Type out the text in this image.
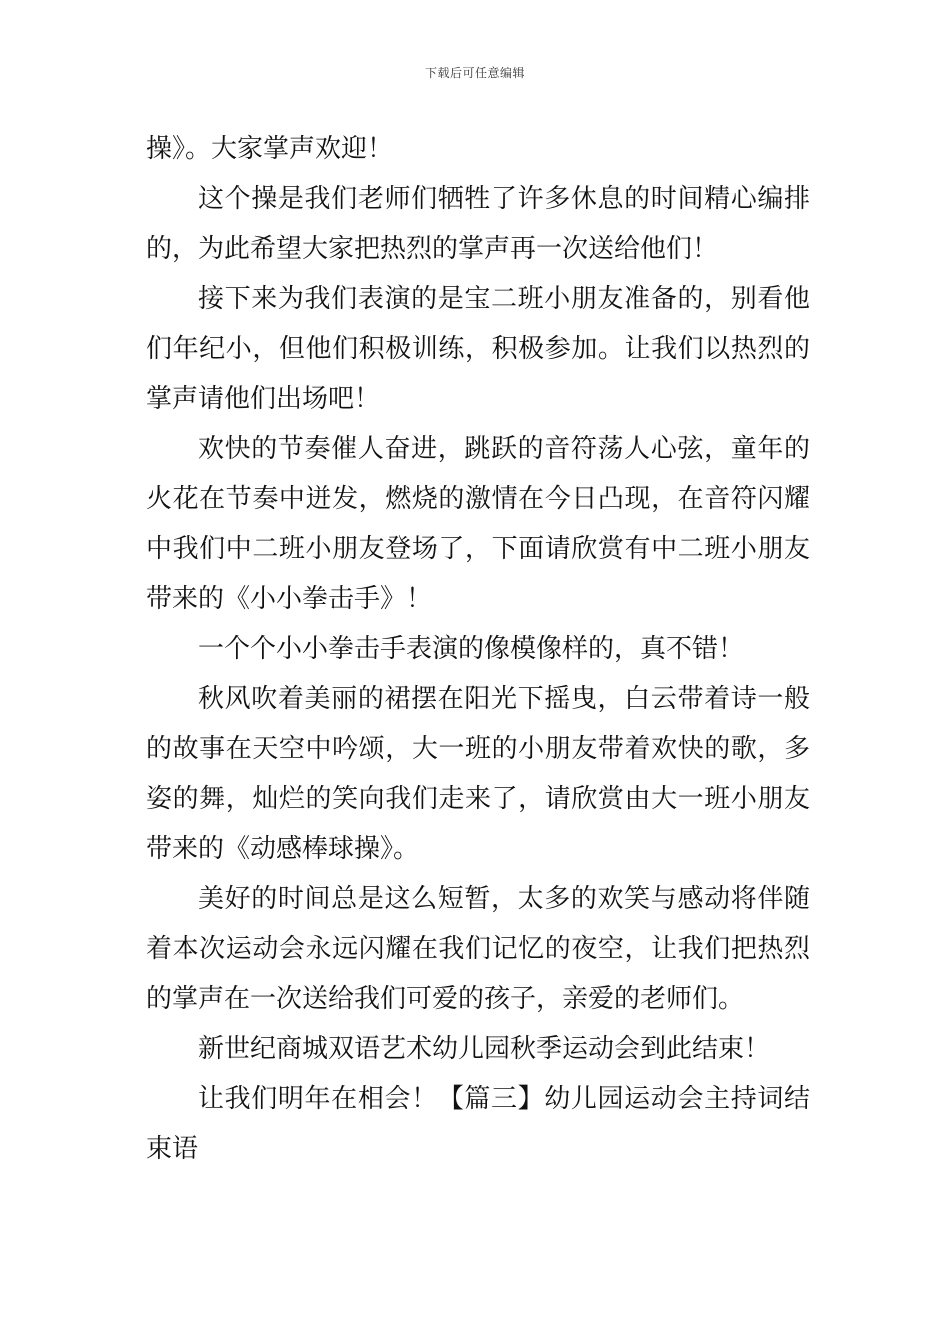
下载后可任意编辑
操》。大家掌声欢迎！
这个操是我们老师们牺牲了许多休息的时间精心编排
的，为此希望大家把热烈的掌声再一次送给他们！
接下来为我们表演的是宝二班小朋友准备的，别看他
们年纪小，但他们积极训练，积极参加。让我们以热烈的
掌声请他们出场吧！
欢快的节奏催人奋进，跳跃的音符荡人心弦，童年的
火花在节奏中迸发，燃烧的激情在今日凸现，在音符闪耀
中我们中二班小朋友登场了，下面请欣赏有中二班小朋友
带来的《小小拳击手》！
一个个小小拳击手表演的像模像样的，真不错！
秋风吹着美丽的裙摆在阳光下摇曳，白云带着诗一般
的故事在天空中吟颂，大一班的小朋友带着欢快的歌，多
姿的舞，灿烂的笑向我们走来了，请欣赏由大一班小朋友
带来的《动感棒球操》。
美好的时间总是这么短暂，太多的欢笑与感动将伴随
着本次运动会永远闪耀在我们记忆的夜空，让我们把热烈
的掌声在一次送给我们可爱的孩子，亲爱的老师们。
新世纪商城双语艺术幼儿园秋季运动会到此结束！
让我们明年在相会！【篇三】幼儿园运动会主持词结
束语
